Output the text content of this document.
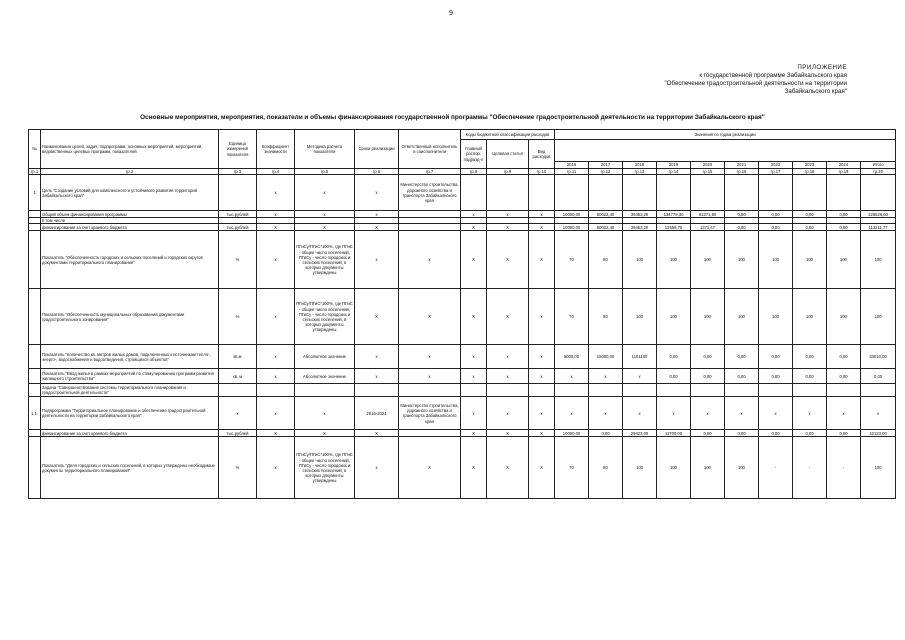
9
ПРИЛОЖЕНИЕ
к государственной программе Забайкальского края
"Обеспечение градостроительной деятельности на территории
Забайкальского края"
Основные мероприятия, мероприятия, показатели и объемы финансирования государственной программы "Обеспечение градостроительной деятельности на территории Забайкальского края"
№	Наименование целей, задач, подпрограмм, основных мероприятий, мероприятий, ведомственных целевых программ, показателей	Единица измерения показателя	Коэффициент значимости	Методика расчета показателя	Сроки реализации	Ответственный исполнитель и соисполнители	Коды бюджетной классификации расходов			Значения по годам реализации									
							Главный распор. подразд-л	Целевая статья	Вид расходов										
										2016	2017	2018	2019	2020	2021	2022	2023	2024	Итого
гр.1	гр.2	гр.3	гр.4	гр.5	гр.6	гр.7	гр.8	гр.9	гр.10	гр.11	гр.12	гр.13	гр.14	гр.15	гр.16	гр.17	гр.18	гр.19	гр.20
1	Цель "Создание условий для комплексного и устойчивого развития территорий Забайкальского края"		x	x	x	Министерство строительства, дорожного хозяйства и транспорта Забайкальского края													
	Общий объем финансирования программы	тыс.рублей	x	x	x		x	x	x	10000,00	50022,40	39453,20	134779,30	91271,80	0,00	0,00	0,00	0,00	325526,60
	в том числе																		
	финансирования за счет краевого бюджета	тыс.рублей	X	X	X		X	X	X	10000,00	50022,40	39453,20	12558,70	1371,47	0,00	0,00	0,00	0,00	113211,77
	Показатель "Обеспеченность городских и сельских поселений и городских округов документами территориального планирования"	%	x	ПГиСу/ПГиС*100%, где ПГиС - общее число поселений, ПГиСу - число городских и сельских поселений, в которых документы утверждены	x	x	X	X	X	70	80	100	100	100	100	100	100	100	100
	Показатель "Обеспеченность муниципальных образований документами градостроительного зонирования"	%	x	ПГиСу/ПГиС*100%, где ПГиС - общее число поселений, ПГиСу - число городских и сельских поселений, в которых документы утверждены	X	X	X	X	x	70	80	100	100	100	100	100	100	100	100
	Показатель "Количество кв. метров жилых домов, подключенных к источникам тепло-, энерго-, водоснабжения и водоотведения, строящихся объектов"	кв.м	x	Абсолютное значение	x	x	x	x	x	5000,00	15000,00	1101100	0,00	0,00	0,00	0,00	0,00	0,00	33010,00
	Показатель "Ввод жилья в рамках мероприятий по стимулированию программ развития жилищного строительства"	кв. м	x	Абсолютное значение	x	x	x	x	x	x	x	x	0,00	0,00	0,00	0,00	0,00	0,00	0,00
	Задача "Совершенствование системы территориального планирования и градостроительной деятельности"																		
1.1.	Подпрограмма "Территориальное планирование и обеспечение градостроительной деятельности на территории Забайкальского края"	x	x	x	2016-2024	Министерство строительства, дорожного хозяйства и транспорта Забайкальского края	x	x	x	x	x	x	x	x	x	x	x	x	x
	финансирование за счет краевого бюджета	тыс.рублей	X	X	X		X	X	X	10000,00	0,00	29423,00	11700,00	0,00	0,00	0,00	0,00	0,00	42123,00
	Показатель "Доля городских и сельских поселений, в которых утверждены необходимые документы территориального планирования"	%	x	ПГиСу/ПГиС*100%, где ПГиС - общее число поселений, ПГиСу - число городских и сельских поселений, в которых документы утверждены	x	X	X	X	X	70	80	100	100	100	100	-	-	-	100
